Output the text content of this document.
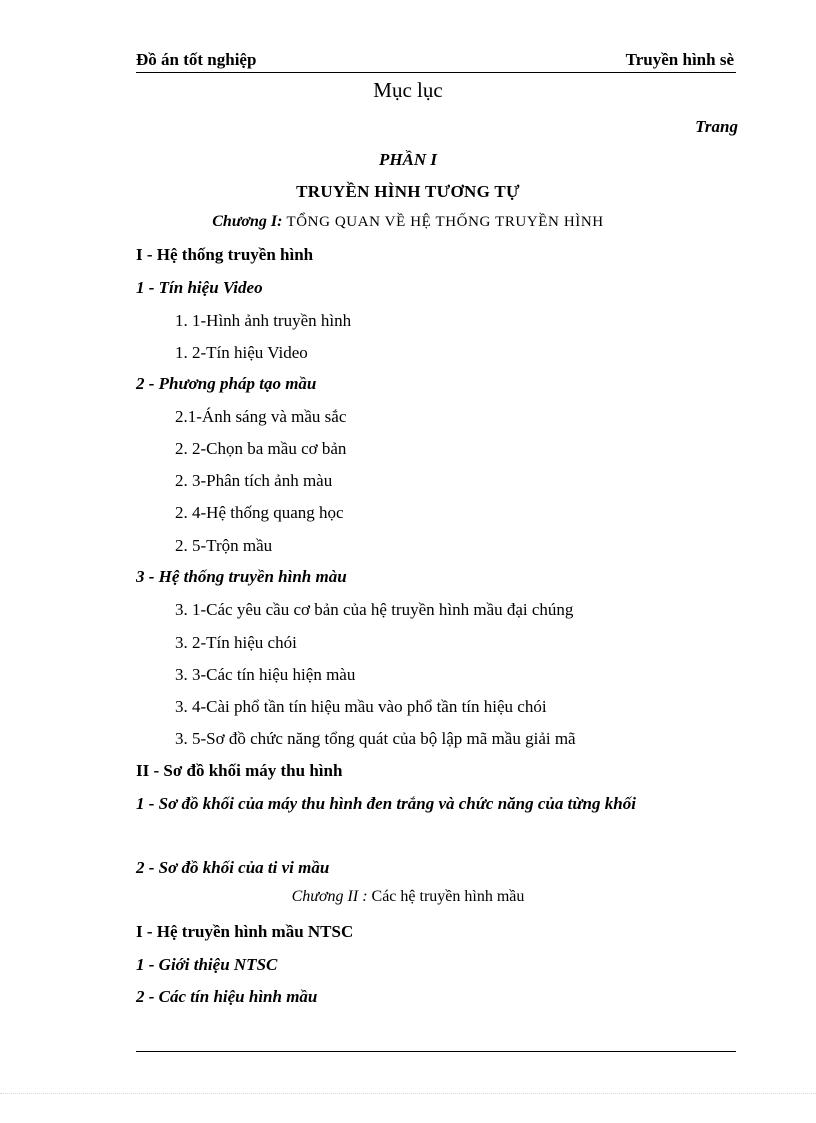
Đồ án tốt nghiệp	Truyền hình sè
Mục lục
Trang
PHẦN I
TRUYỀN HÌNH TƯƠNG TỰ
Chương I: TỔNG QUAN VỀ HỆ THỐNG TRUYỀN HÌNH
I - Hệ thống truyền hình
1 - Tín hiệu Video
1. 1-Hình ảnh truyền hình
1. 2-Tín hiệu Video
2 - Phương pháp tạo mầu
2.1-Ánh sáng và mầu sắc
2. 2-Chọn ba mầu cơ bản
2. 3-Phân tích ảnh màu
2. 4-Hệ thống quang học
2. 5-Trộn mầu
3 - Hệ thống truyền hình màu
3. 1-Các yêu cầu cơ bản của hệ truyền hình mầu đại chúng
3. 2-Tín hiệu chói
3. 3-Các tín hiệu hiện màu
3. 4-Cài phổ tần tín hiệu mầu vào phổ tần tín hiệu chói
3. 5-Sơ đồ chức năng tổng quát của bộ lập mã mầu giải mã
II - Sơ đồ khối máy thu hình
1 - Sơ đồ khối của máy thu hình đen trắng và chức năng của từng khối
2 - Sơ đồ khối của ti vi mầu
Chương II : Các hệ truyền hình mầu
I - Hệ truyền hình mầu NTSC
1 - Giới thiệu NTSC
2 - Các tín hiệu hình mầu
